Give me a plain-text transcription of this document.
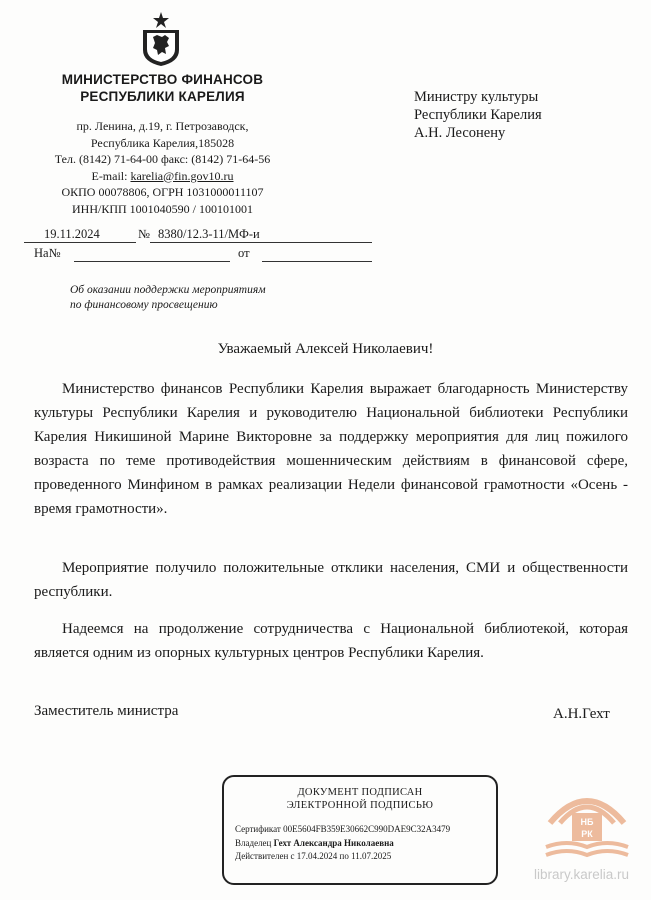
МИНИСТЕРСТВО ФИНАНСОВ
РЕСПУБЛИКИ КАРЕЛИЯ
пр. Ленина, д.19, г. Петрозаводск,
Республика Карелия,185028
Тел. (8142) 71-64-00 факс: (8142) 71-64-56
E-mail: karelia@fin.gov10.ru
ОКПО 00078806, ОГРН 1031000011107
ИНН/КПП 1001040590 / 100101001
Министру культуры
Республики Карелия
А.Н. Лесонену
19.11.2024	№ 8380/12.3-11/МФ-и
На№	от
Об оказании поддержки мероприятиям
по финансовому просвещению
Уважаемый Алексей Николаевич!

Министерство финансов Республики Карелия выражает благодарность Министерству культуры Республики Карелия и руководителю Национальной библиотеки Республики Карелия Никишиной Марине Викторовне за поддержку мероприятия для лиц пожилого возраста по теме противодействия мошенническим действиям в финансовой сфере, проведенного Минфином в рамках реализации Недели финансовой грамотности «Осень - время грамотности».

Мероприятие получило положительные отклики населения, СМИ и общественности республики.

Надеемся на продолжение сотрудничества с Национальной библиотекой, которая является одним из опорных культурных центров Республики Карелия.

Заместитель министра	А.Н.Гехт
ДОКУМЕНТ ПОДПИСАН
ЭЛЕКТРОННОЙ ПОДПИСЬЮ
Сертификат 00E5604FB359E30662C990DAE9C32A3479
Владелец Гехт Александра Николаевна
Действителен с 17.04.2024 по 11.07.2025
НБ
РК
library.karelia.ru
